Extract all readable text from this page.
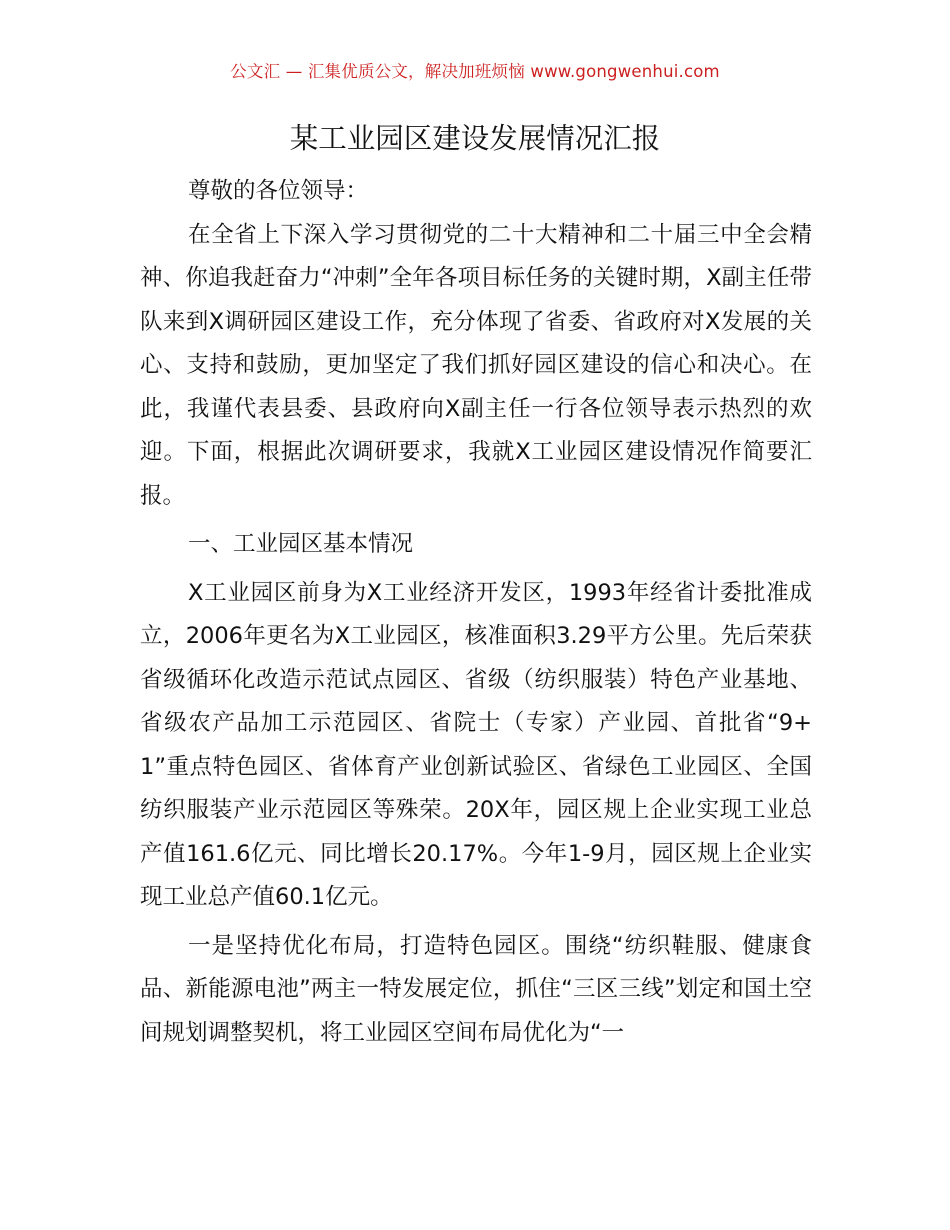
公文汇 — 汇集优质公文，解决加班烦恼 www.gongwenhui.com
某工业园区建设发展情况汇报

尊敬的各位领导：

在全省上下深入学习贯彻党的二十大精神和二十届三中全会精神、你追我赶奋力“冲刺”全年各项目标任务的关键时期，X副主任带队来到X调研园区建设工作，充分体现了省委、省政府对X发展的关心、支持和鼓励，更加坚定了我们抓好园区建设的信心和决心。在此，我谨代表县委、县政府向X副主任一行各位领导表示热烈的欢迎。下面，根据此次调研要求，我就X工业园区建设情况作简要汇报。

一、工业园区基本情况

X工业园区前身为X工业经济开发区，1993年经省计委批准成立，2006年更名为X工业园区，核准面积3.29平方公里。先后荣获省级循环化改造示范试点园区、省级（纺织服装）特色产业基地、省级农产品加工示范园区、省院士（专家）产业园、首批省“9+1”重点特色园区、省体育产业创新试验区、省绿色工业园区、全国纺织服装产业示范园区等殊荣。20X年，园区规上企业实现工业总产值161.6亿元、同比增长20.17%。今年1-9月，园区规上企业实现工业总产值60.1亿元。

一是坚持优化布局，打造特色园区。围绕“纺织鞋服、健康食品、新能源电池”两主一特发展定位，抓住“三区三线”划定和国土空间规划调整契机，将工业园区空间布局优化为“一
